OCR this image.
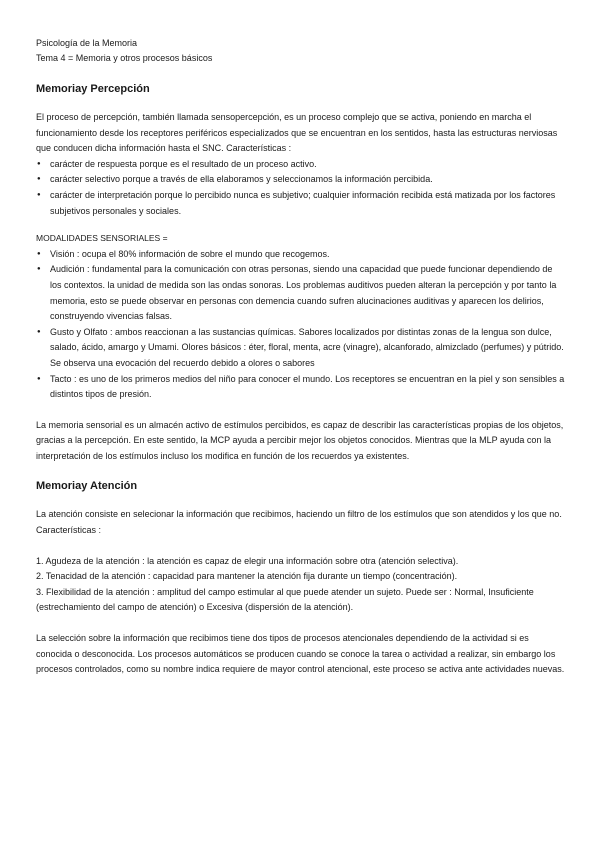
Psicología de la Memoria

Tema 4 = Memoria y otros procesos básicos

Memoriay Percepción

El proceso de percepción, también llamada sensopercepción, es un proceso complejo que se activa, poniendo en marcha el funcionamiento desde los receptores periféricos especializados que se encuentran en los sentidos, hasta las estructuras nerviosas que conducen dicha información hasta el SNC. Características :

● carácter de respuesta porque es el resultado de un proceso activo.
● carácter selectivo porque a través de ella elaboramos y seleccionamos la información percibida.
● carácter de interpretación porque lo percibido nunca es subjetivo; cualquier información recibida está matizada por los factores subjetivos personales y sociales.

MODALIDADES SENSORIALES =

● Visión : ocupa el 80% información de sobre el mundo que recogemos.
● Audición : fundamental para la comunicación con otras personas, siendo una capacidad que puede funcionar dependiendo de los contextos. la unidad de medida son las ondas sonoras. Los problemas auditivos pueden alteran la percepción y por tanto la memoria, esto se puede observar en personas con demencia cuando sufren alucinaciones auditivas y aparecen los delirios, construyendo vivencias falsas.
● Gusto y Olfato : ambos reaccionan a las sustancias químicas. Sabores localizados por distintas zonas de la lengua son dulce, salado, ácido, amargo y Umami. Olores básicos : éter, floral, menta, acre (vinagre), alcanforado, almizclado (perfumes) y pútrido. Se observa una evocación del recuerdo debido a olores o sabores
● Tacto : es uno de los primeros medios del niño para conocer el mundo. Los receptores se encuentran en la piel y son sensibles a distintos tipos de presión.

La memoria sensorial es un almacén activo de estímulos percibidos, es capaz de describir las características propias de los objetos, gracias a la percepción. En este sentido, la MCP ayuda a percibir mejor los objetos conocidos. Mientras que la MLP ayuda con la interpretación de los estímulos incluso los modifica en función de los recuerdos ya existentes.

Memoriay Atención

La atención consiste en selecionar la información que recibimos, haciendo un filtro de los estímulos que son atendidos y los que no. Características :

1. Agudeza de la atención : la atención es capaz de elegir una información sobre otra (atención selectiva).

2. Tenacidad de la atención : capacidad para mantener la atención fija durante un tiempo (concentración).

3. Flexibilidad de la atención : amplitud del campo estimular al que puede atender un sujeto. Puede ser : Normal, Insuficiente (estrechamiento del campo de atención) o Excesiva (dispersión de la atención).

La selección sobre la información que recibimos tiene dos tipos de procesos atencionales dependiendo de la actividad si es conocida o desconocida. Los procesos automáticos se producen cuando se conoce la tarea o actividad a realizar, sin embargo los procesos controlados, como su nombre indica requiere de mayor control atencional, este proceso se activa ante actividades nuevas.
